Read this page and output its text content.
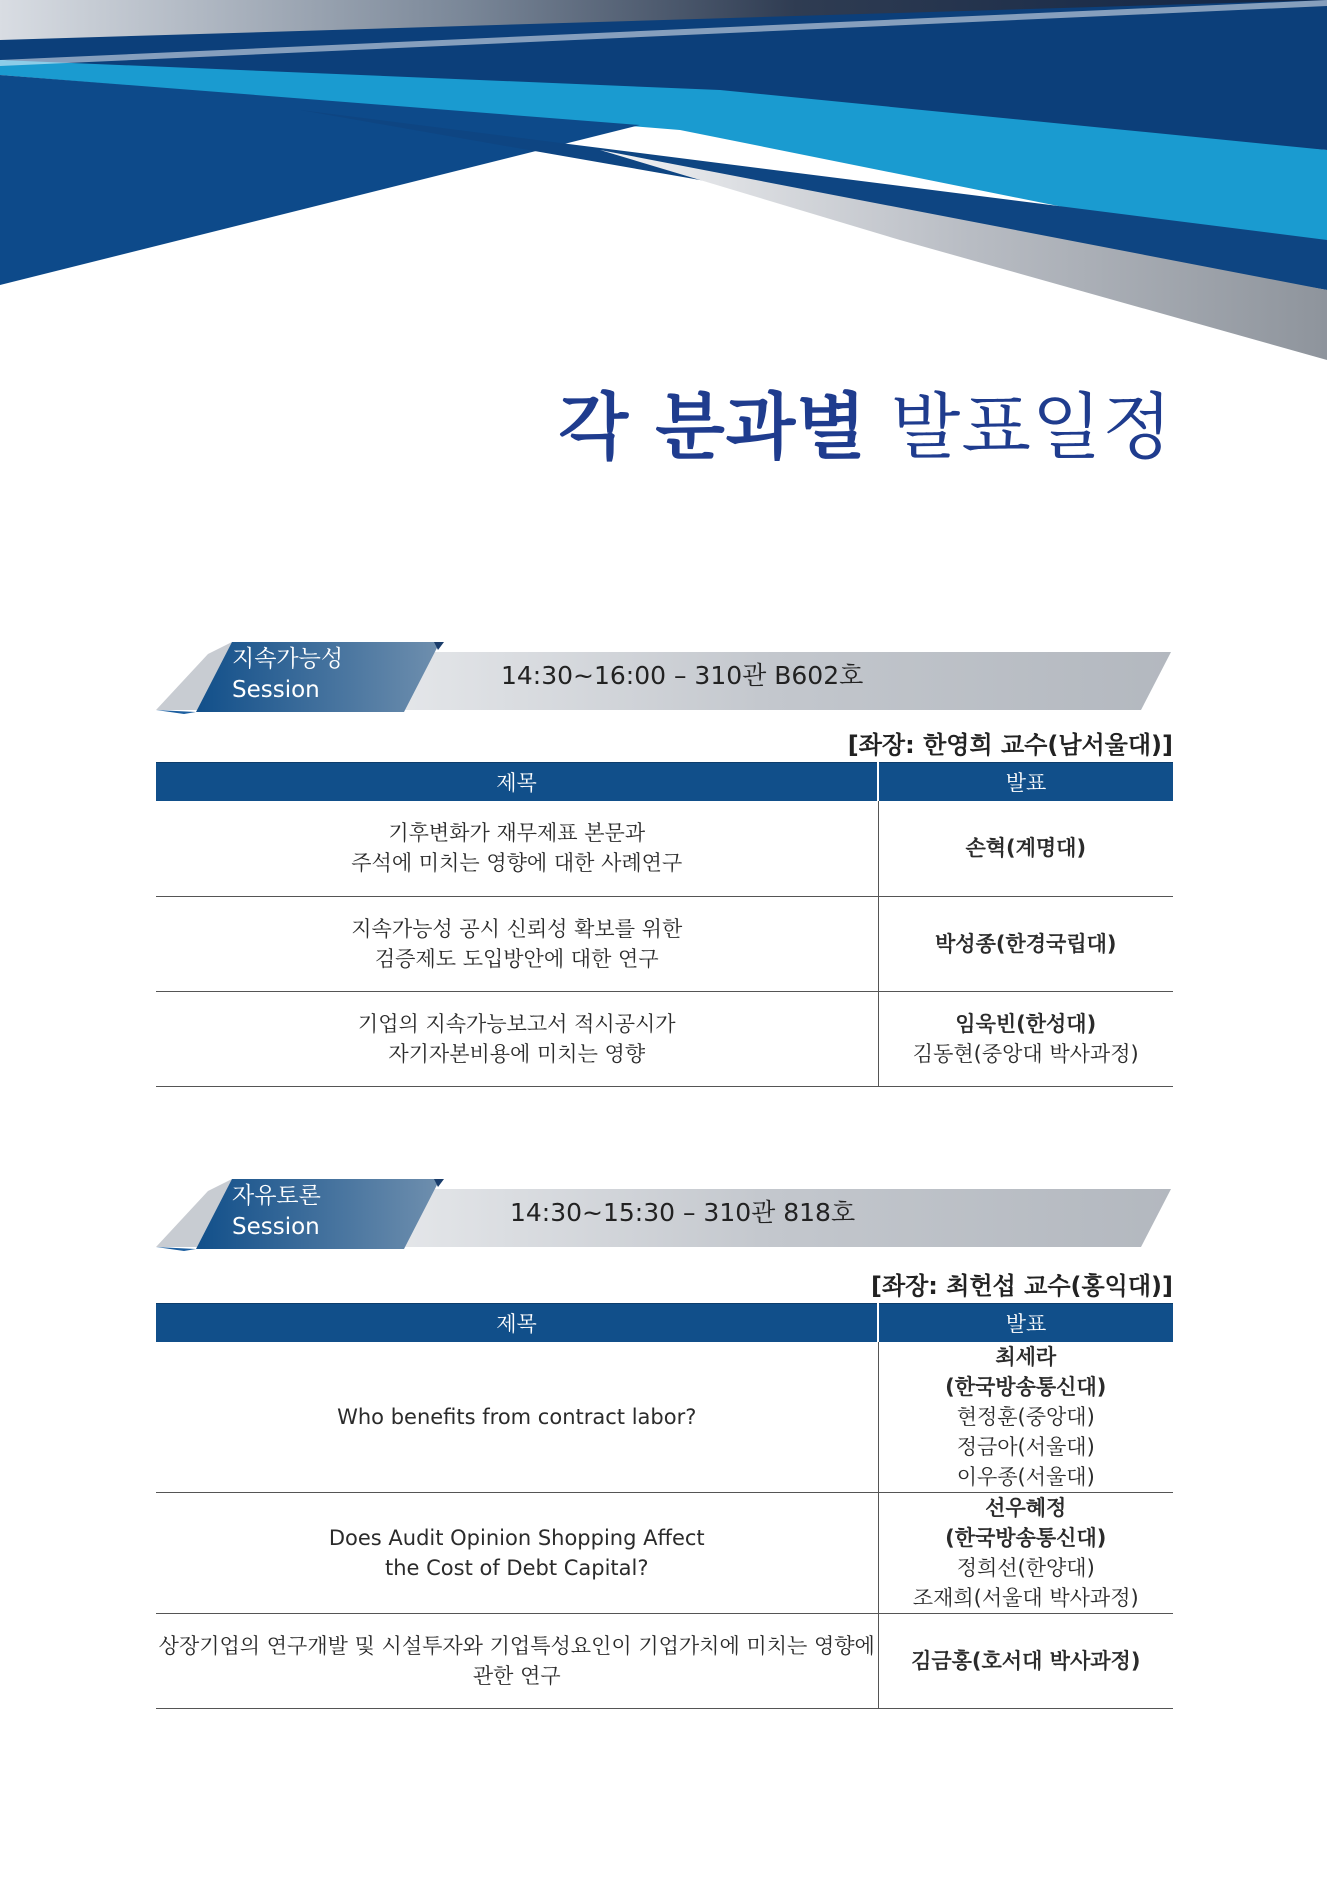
각 분과별 발표일정
지속가능성
Session	14:30~16:00 – 310관 B602호
[좌장: 한영희 교수(남서울대)]
제목	발표

기후변화가 재무제표 본문과
주석에 미치는 영향에 대한 사례연구	손혁(계명대)

지속가능성 공시 신뢰성 확보를 위한
검증제도 도입방안에 대한 연구	박성종(한경국립대)

기업의 지속가능보고서 적시공시가
자기자본비용에 미치는 영향	임욱빈(한성대)
김동현(중앙대 박사과정)
자유토론
Session	14:30~15:30 – 310관 818호
[좌장: 최헌섭 교수(홍익대)]
제목	발표

Who benefits from contract labor?	최세라
(한국방송통신대)
현정훈(중앙대)
정금아(서울대)
이우종(서울대)

Does Audit Opinion Shopping Affect
the Cost of Debt Capital?	선우혜정
(한국방송통신대)
정희선(한양대)
조재희(서울대 박사과정)

상장기업의 연구개발 및 시설투자와 기업특성요인이 기업가치에 미치는 영향에
관한 연구	김금홍(호서대 박사과정)
